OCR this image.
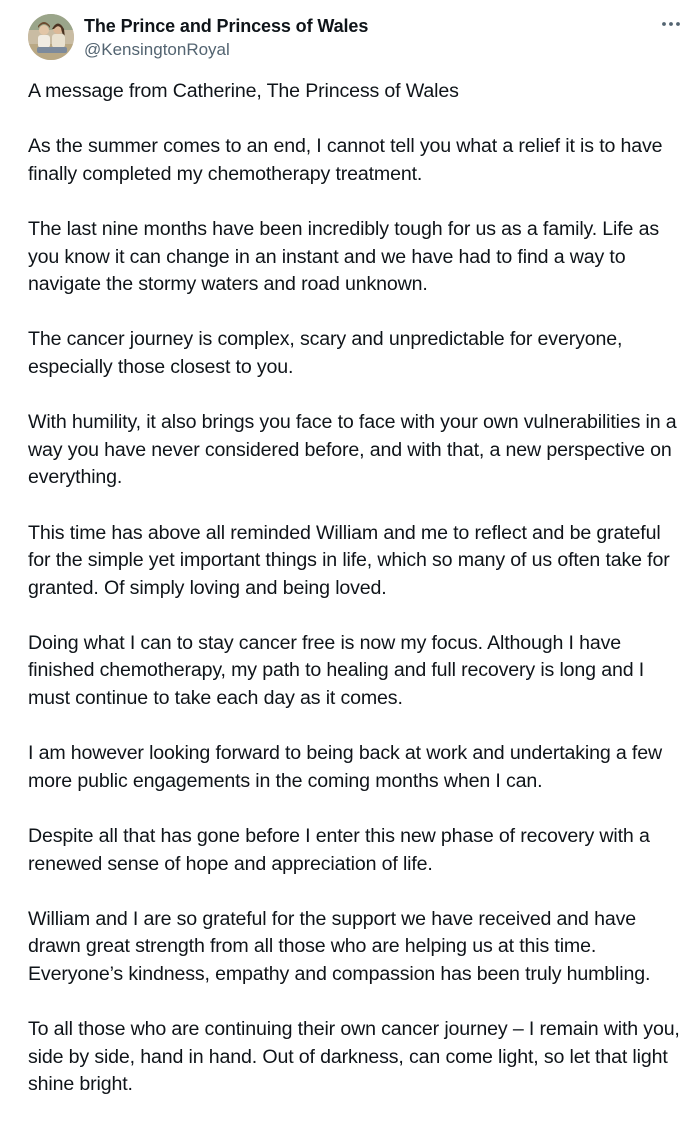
The Prince and Princess of Wales
@KensingtonRoyal

A message from Catherine, The Princess of Wales

As the summer comes to an end, I cannot tell you what a relief it is to have finally completed my chemotherapy treatment.

The last nine months have been incredibly tough for us as a family. Life as you know it can change in an instant and we have had to find a way to navigate the stormy waters and road unknown.

The cancer journey is complex, scary and unpredictable for everyone, especially those closest to you.

With humility, it also brings you face to face with your own vulnerabilities in a way you have never considered before, and with that, a new perspective on everything.

This time has above all reminded William and me to reflect and be grateful for the simple yet important things in life, which so many of us often take for granted. Of simply loving and being loved.

Doing what I can to stay cancer free is now my focus. Although I have finished chemotherapy, my path to healing and full recovery is long and I must continue to take each day as it comes.

I am however looking forward to being back at work and undertaking a few more public engagements in the coming months when I can.

Despite all that has gone before I enter this new phase of recovery with a renewed sense of hope and appreciation of life.

William and I are so grateful for the support we have received and have drawn great strength from all those who are helping us at this time. Everyone’s kindness, empathy and compassion has been truly humbling.

To all those who are continuing their own cancer journey – I remain with you, side by side, hand in hand. Out of darkness, can come light, so let that light shine bright.
